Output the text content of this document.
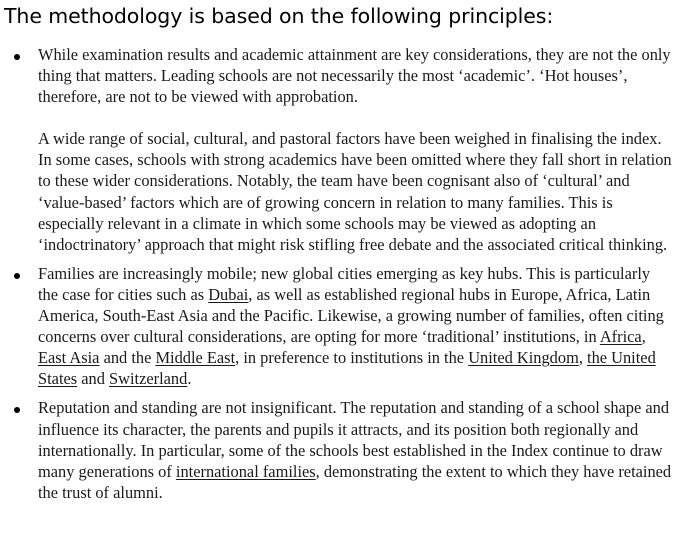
The methodology is based on the following principles:

While examination results and academic attainment are key considerations, they are not the only thing that matters. Leading schools are not necessarily the most ‘academic’. ‘Hot houses’, therefore, are not to be viewed with approbation.

A wide range of social, cultural, and pastoral factors have been weighed in finalising the index. In some cases, schools with strong academics have been omitted where they fall short in relation to these wider considerations. Notably, the team have been cognisant also of ‘cultural’ and ‘value-based’ factors which are of growing concern in relation to many families. This is especially relevant in a climate in which some schools may be viewed as adopting an ‘indoctrinatory’ approach that might risk stifling free debate and the associated critical thinking.

Families are increasingly mobile; new global cities emerging as key hubs. This is particularly the case for cities such as Dubai, as well as established regional hubs in Europe, Africa, Latin America, South-East Asia and the Pacific. Likewise, a growing number of families, often citing concerns over cultural considerations, are opting for more ‘traditional’ institutions, in Africa, East Asia and the Middle East, in preference to institutions in the United Kingdom, the United States and Switzerland.

Reputation and standing are not insignificant. The reputation and standing of a school shape and influence its character, the parents and pupils it attracts, and its position both regionally and internationally. In particular, some of the schools best established in the Index continue to draw many generations of international families, demonstrating the extent to which they have retained the trust of alumni.
